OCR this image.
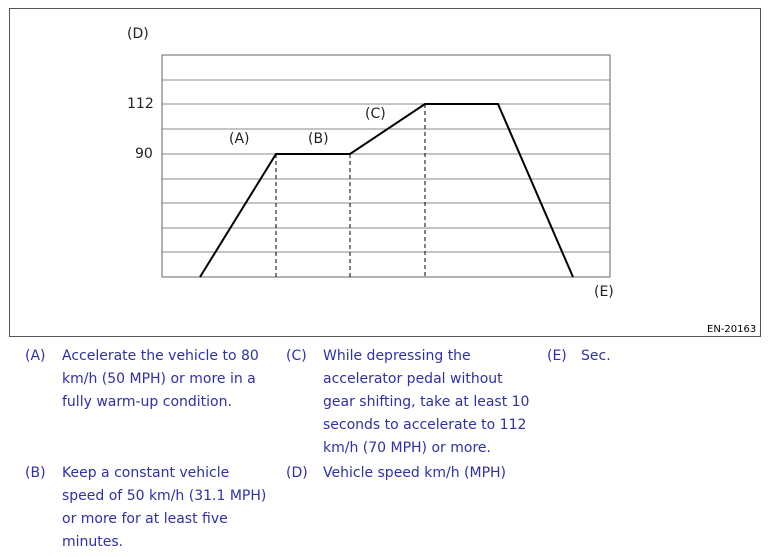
(D)
112
90
(A)	(B)
(C)
(E)
EN-20163
(A) Accelerate the vehicle to 80 km/h (50 MPH) or more in a fully warm-up condition.
(B) Keep a constant vehicle speed of 50 km/h (31.1 MPH) or more for at least five minutes.
(C) While depressing the accelerator pedal without gear shifting, take at least 10 seconds to accelerate to 112 km/h (70 MPH) or more.
(D) Vehicle speed km/h (MPH)
(E) Sec.
